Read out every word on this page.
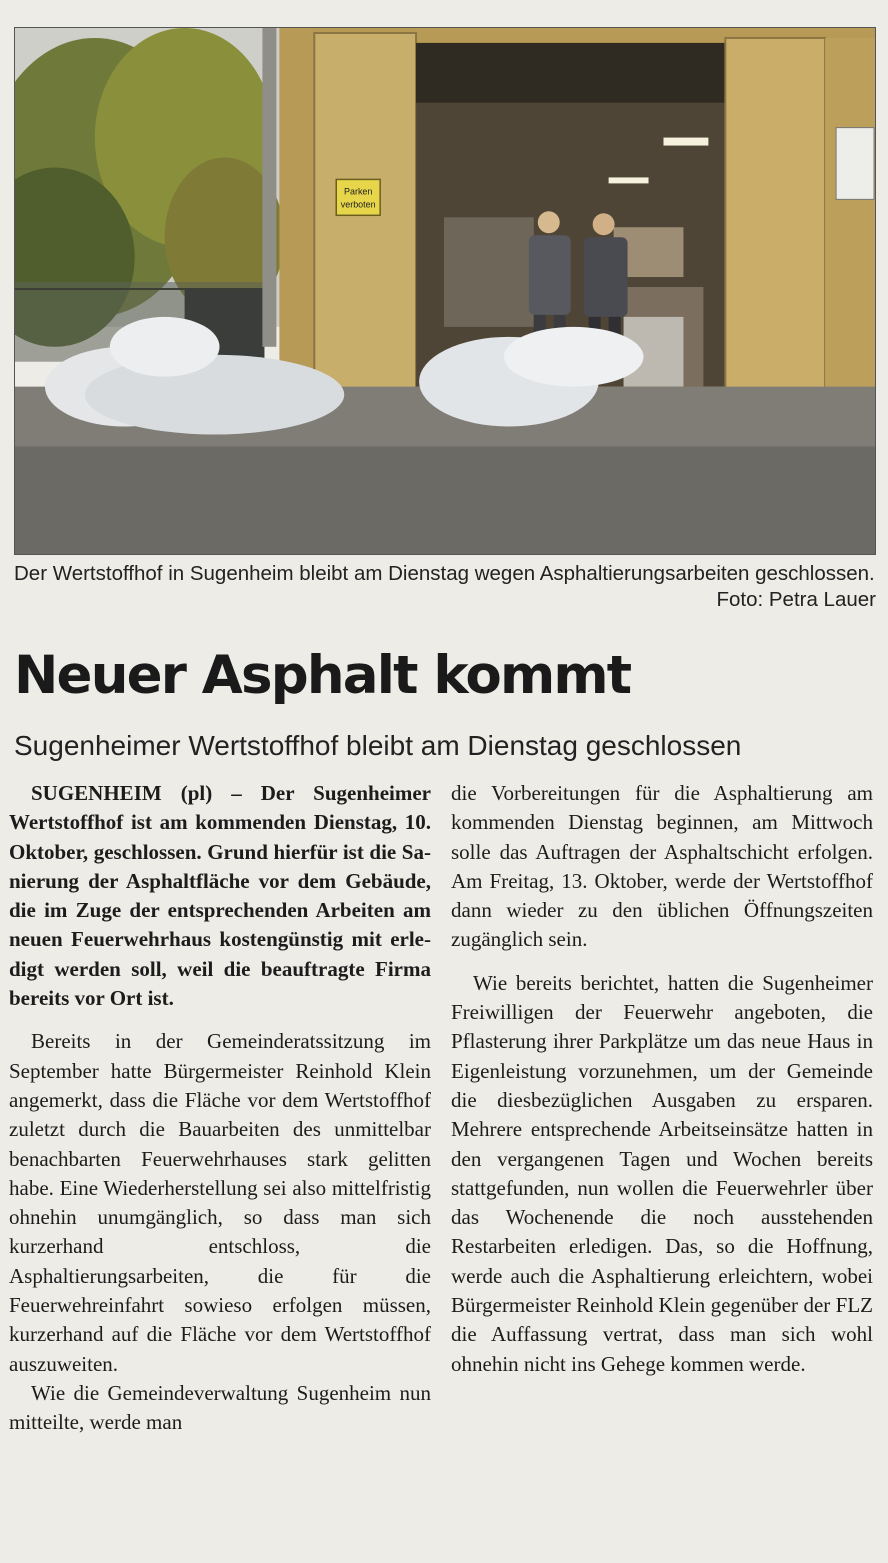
Parken
verboten
Der Wertstoffhof in Sugenheim bleibt am Dienstag wegen Asphaltierungsarbeiten geschlossen.
Foto: Petra Lauer
Neuer Asphalt kommt
Sugenheimer Wertstoffhof bleibt am Dienstag geschlossen

SUGENHEIM (pl) – Der Sugenheimer Wertstoffhof ist am kommenden Dienstag, 10. Oktober, geschlossen. Grund hierfür ist die Sanierung der Asphaltfläche vor dem Gebäude, die im Zuge der entsprechenden Arbeiten am neuen Feuerwehrhaus kostengünstig mit erledigt werden soll, weil die beauftragte Firma bereits vor Ort ist.

Bereits in der Gemeinderatssitzung im September hatte Bürgermeister Reinhold Klein angemerkt, dass die Fläche vor dem Wertstoffhof zuletzt durch die Bauarbeiten des unmittelbar benachbarten Feuerwehrhauses stark gelitten habe. Eine Wiederherstellung sei also mittelfristig ohnehin unumgänglich, so dass man sich kurzerhand entschloss, die Asphaltierungsarbeiten, die für die Feuerwehreinfahrt sowieso erfolgen müssen, kurzerhand auf die Fläche vor dem Wertstoffhof auszuweiten.

Wie die Gemeindeverwaltung Sugenheim nun mitteilte, werde man

die Vorbereitungen für die Asphaltierung am kommenden Dienstag beginnen, am Mittwoch solle das Auftragen der Asphaltschicht erfolgen. Am Freitag, 13. Oktober, werde der Wertstoffhof dann wieder zu den üblichen Öffnungszeiten zugänglich sein.

Wie bereits berichtet, hatten die Sugenheimer Freiwilligen der Feuerwehr angeboten, die Pflasterung ihrer Parkplätze um das neue Haus in Eigenleistung vorzunehmen, um der Gemeinde die diesbezüglichen Ausgaben zu ersparen. Mehrere entsprechende Arbeitseinsätze hatten in den vergangenen Tagen und Wochen bereits stattgefunden, nun wollen die Feuerwehrler über das Wochenende die noch ausstehenden Restarbeiten erledigen. Das, so die Hoffnung, werde auch die Asphaltierung erleichtern, wobei Bürgermeister Reinhold Klein gegenüber der FLZ die Auffassung vertrat, dass man sich wohl ohnehin nicht ins Gehege kommen werde.
